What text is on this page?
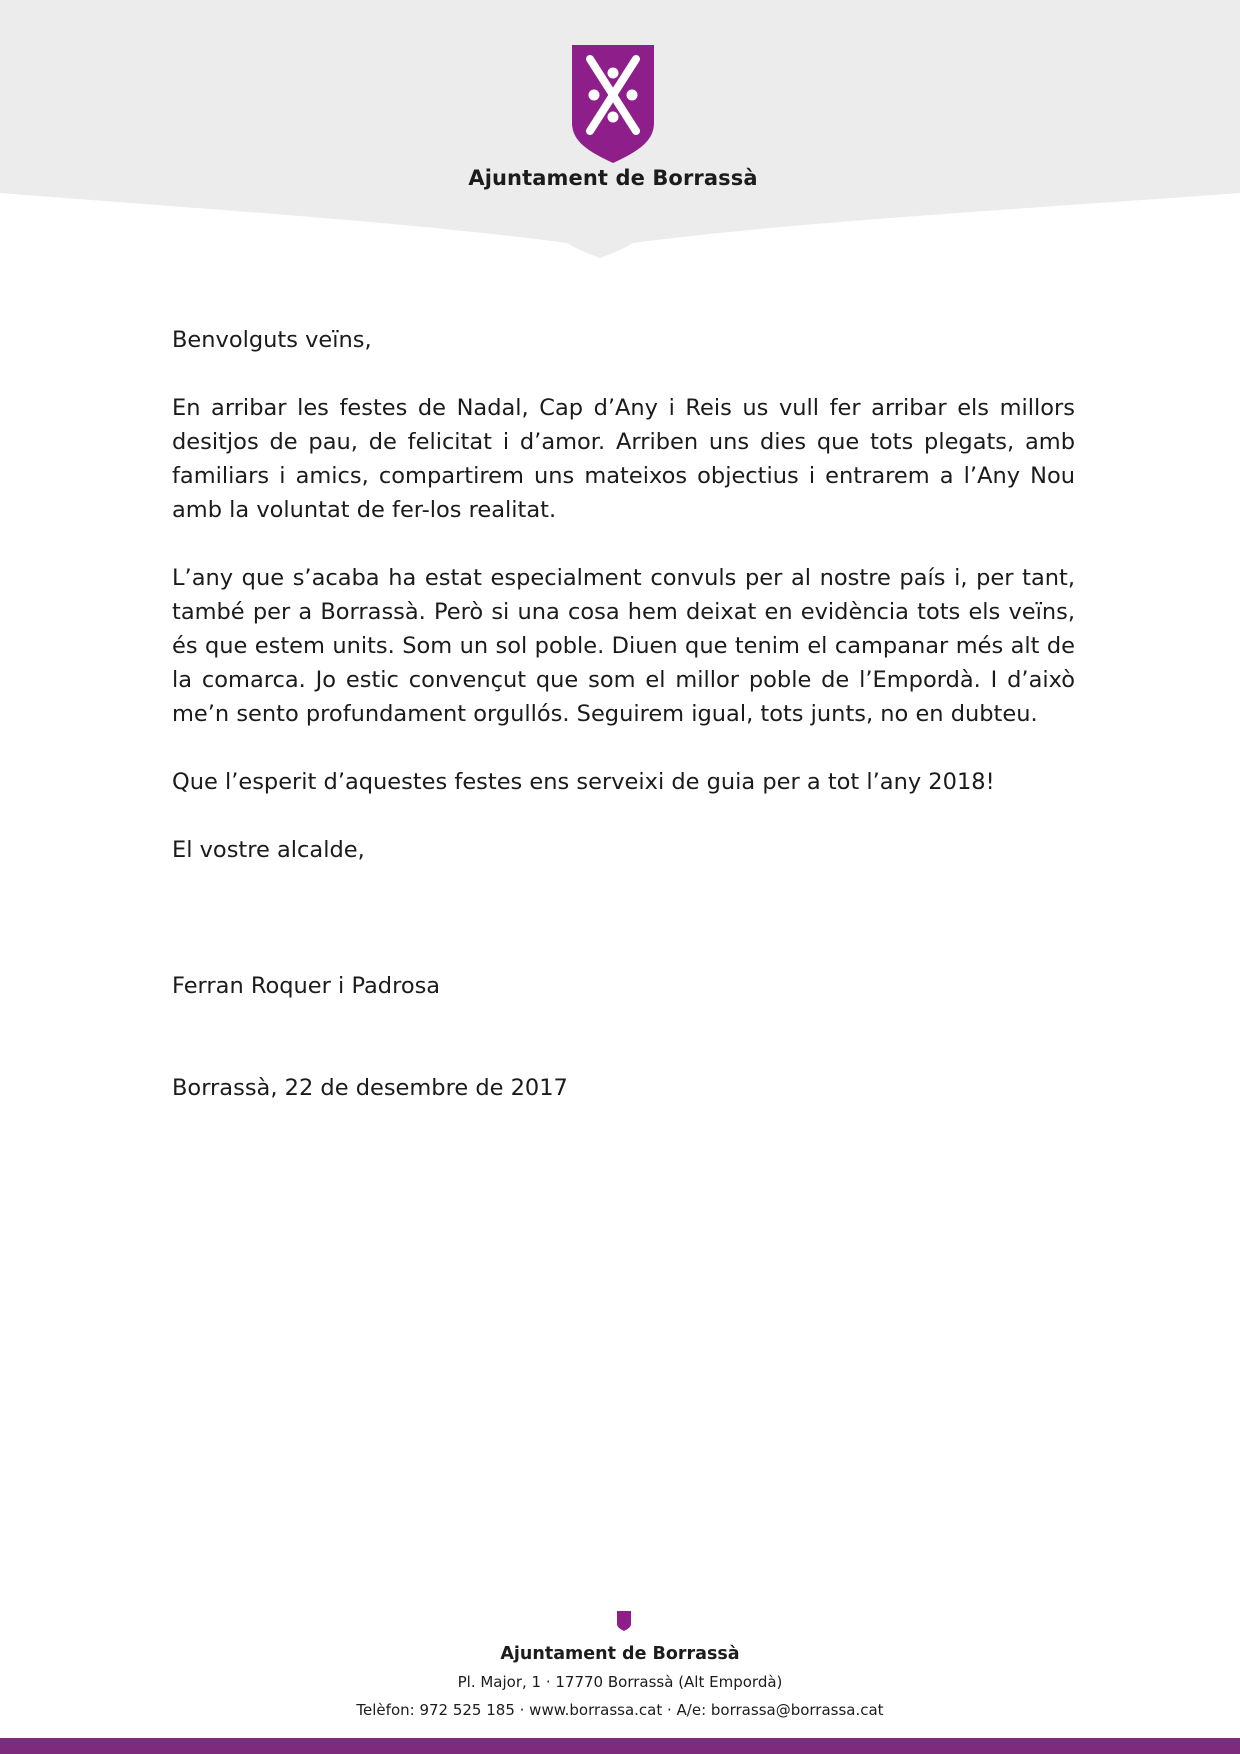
Ajuntament de Borrassà

Benvolguts veïns,

En arribar les festes de Nadal, Cap d’Any i Reis us vull fer arribar els millors desitjos de pau, de felicitat i d’amor. Arriben uns dies que tots plegats, amb familiars i amics, compartirem uns mateixos objectius i entrarem a l’Any Nou amb la voluntat de fer-los realitat.

L’any que s’acaba ha estat especialment convuls per al nostre país i, per tant, també per a Borrassà. Però si una cosa hem deixat en evidència tots els veïns, és que estem units. Som un sol poble. Diuen que tenim el campanar més alt de la comarca. Jo estic convençut que som el millor poble de l’Empordà. I d’això me’n sento profundament orgullós. Seguirem igual, tots junts, no en dubteu.

Que l’esperit d’aquestes festes ens serveixi de guia per a tot l’any 2018!

El vostre alcalde,

Ferran Roquer i Padrosa

Borrassà, 22 de desembre de 2017

Ajuntament de Borrassà
Pl. Major, 1 · 17770 Borrassà (Alt Empordà)
Telèfon: 972 525 185 · www.borrassa.cat · A/e: borrassa@borrassa.cat
